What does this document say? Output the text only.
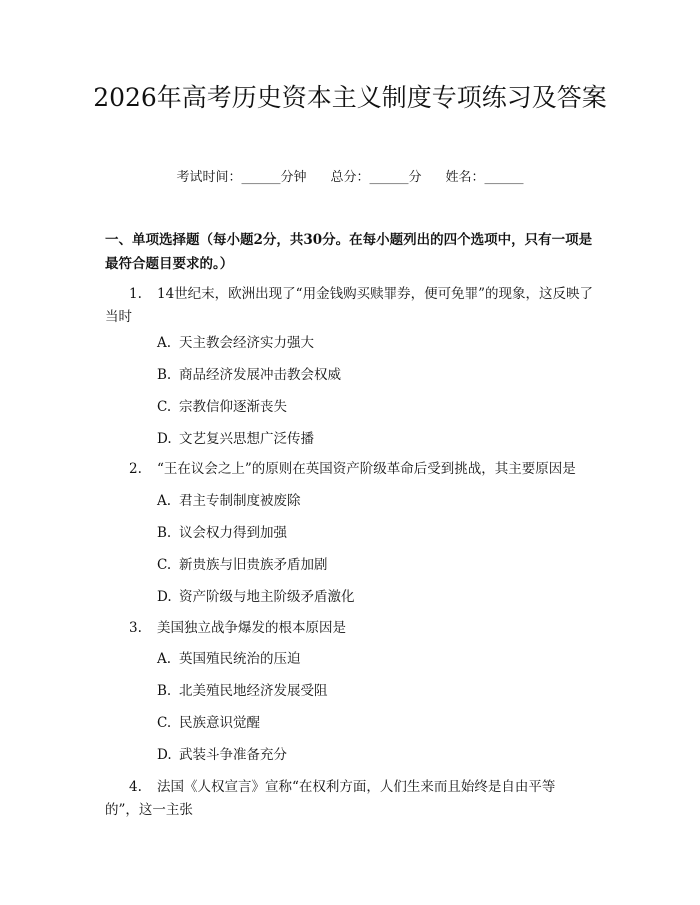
2026年高考历史资本主义制度专项练习及答案
考试时间：______分钟 总分：______分 姓名：______
一、单项选择题（每小题2分，共30分。在每小题列出的四个选项中，只有一项是最符合题目要求的。）
1. 14世纪末，欧洲出现了“用金钱购买赎罪券，便可免罪”的现象，这反映了当时
A. 天主教会经济实力强大
B. 商品经济发展冲击教会权威
C. 宗教信仰逐渐丧失
D. 文艺复兴思想广泛传播
2. “王在议会之上”的原则在英国资产阶级革命后受到挑战，其主要原因是
A. 君主专制制度被废除
B. 议会权力得到加强
C. 新贵族与旧贵族矛盾加剧
D. 资产阶级与地主阶级矛盾激化
3. 美国独立战争爆发的根本原因是
A. 英国殖民统治的压迫
B. 北美殖民地经济发展受阻
C. 民族意识觉醒
D. 武装斗争准备充分
4. 法国《人权宣言》宣称“在权利方面，人们生来而且始终是自由平等的”，这一主张
